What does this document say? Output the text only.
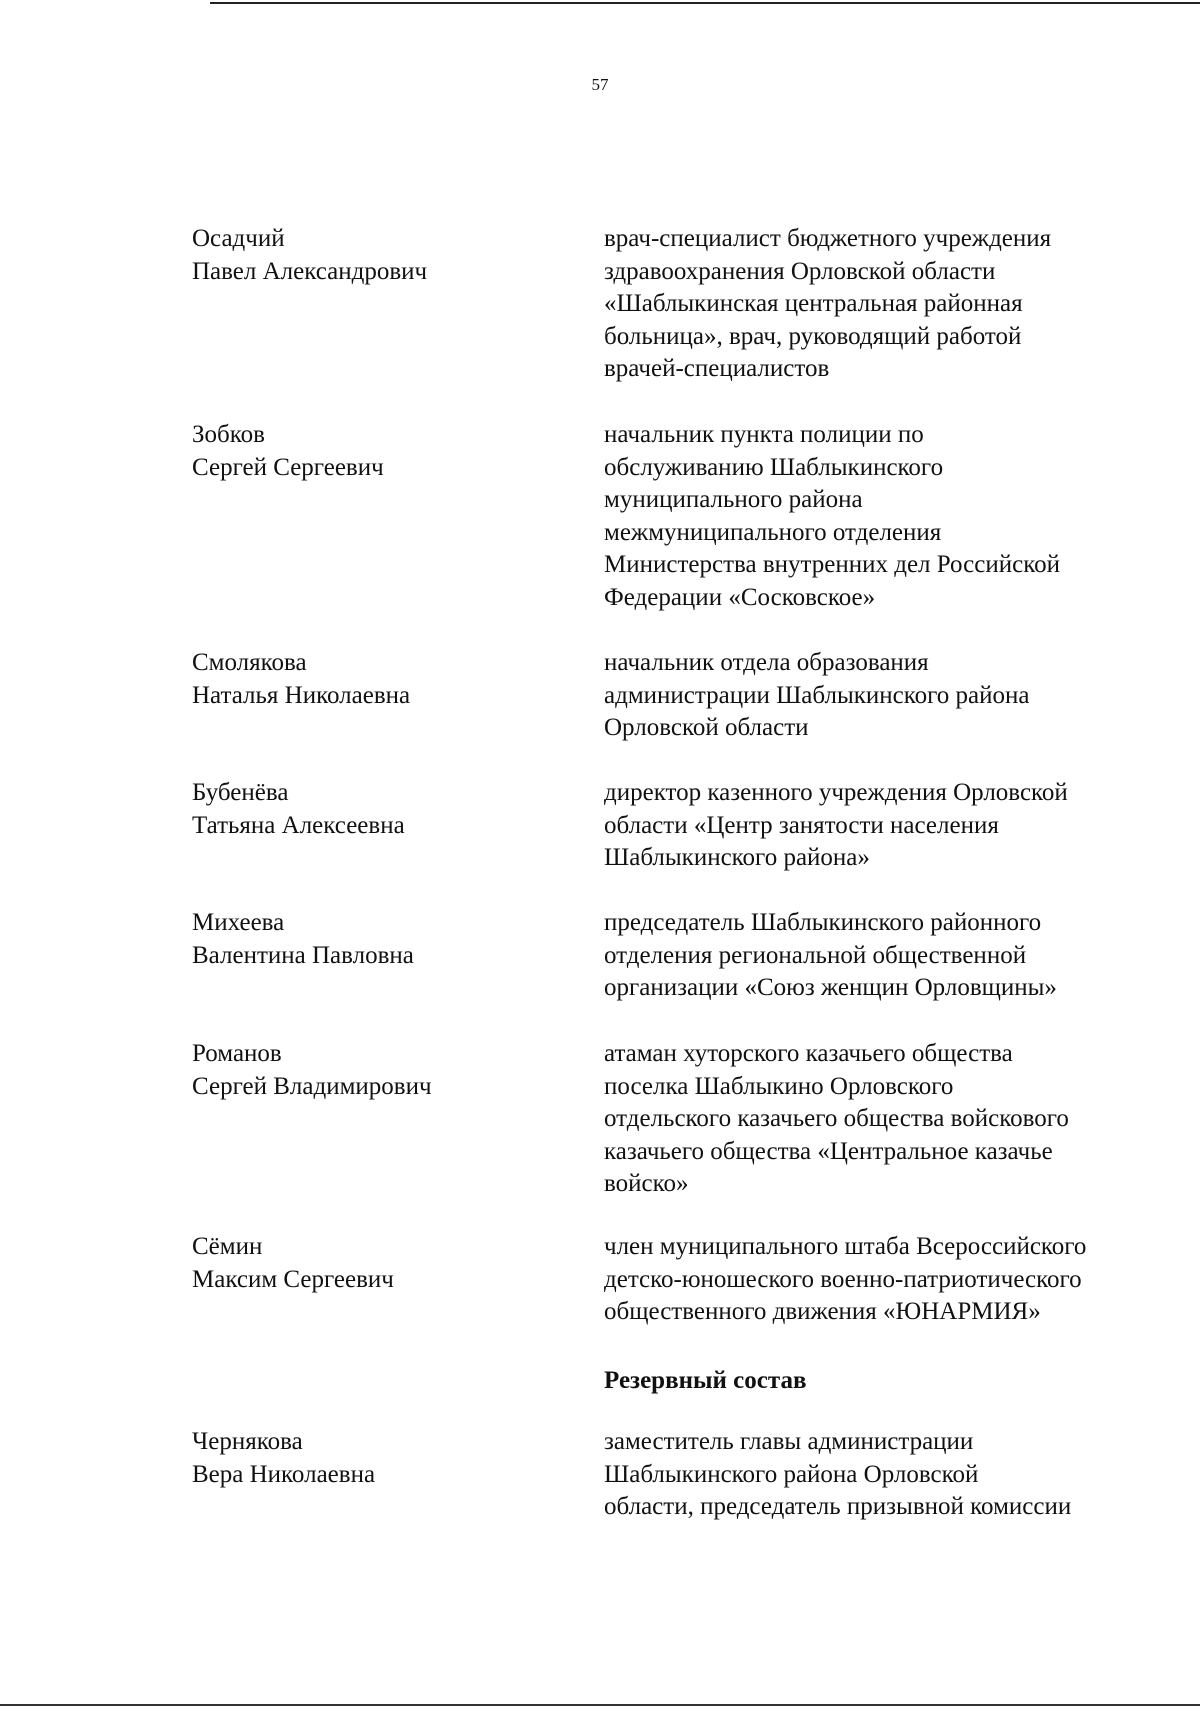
57
Осадчий
Павел Александрович
врач-специалист бюджетного учреждения
здравоохранения Орловской области
«Шаблыкинская центральная районная
больница», врач, руководящий работой
врачей-специалистов
Зобков
Сергей Сергеевич
начальник пункта полиции по
обслуживанию Шаблыкинского
муниципального района
межмуниципального отделения
Министерства внутренних дел Российской
Федерации «Сосковское»
Смолякова
Наталья Николаевна
начальник отдела образования
администрации Шаблыкинского района
Орловской области
Бубенёва
Татьяна Алексеевна
директор казенного учреждения Орловской
области «Центр занятости населения
Шаблыкинского района»
Михеева
Валентина Павловна
председатель Шаблыкинского районного
отделения региональной общественной
организации «Союз женщин Орловщины»
Романов
Сергей Владимирович
атаман хуторского казачьего общества
поселка Шаблыкино Орловского
отдельского казачьего общества войскового
казачьего общества «Центральное казачье
войско»
Сёмин
Максим Сергеевич
член муниципального штаба Всероссийского
детско-юношеского военно-патриотического
общественного движения «ЮНАРМИЯ»
Резервный состав
Чернякова
Вера Николаевна
заместитель главы администрации
Шаблыкинского района Орловской
области, председатель призывной комиссии
